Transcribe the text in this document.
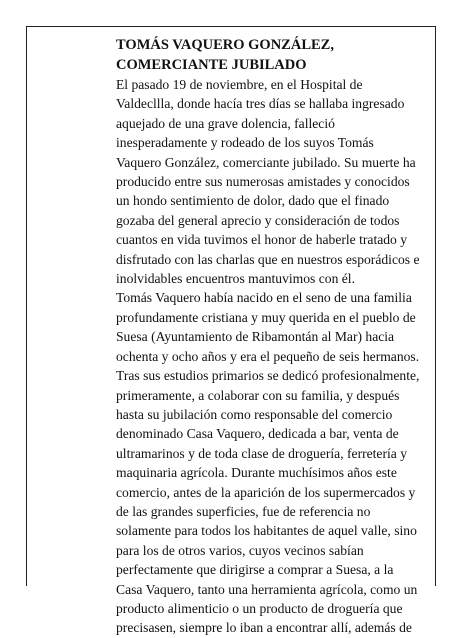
TOMÁS VAQUERO GONZÁLEZ,
COMERCIANTE JUBILADO

El pasado 19 de noviembre, en el Hospital de
Valdecllla, donde hacía tres días se hallaba ingresado
aquejado de una grave dolencia, falleció
inesperadamente y rodeado de los suyos Tomás
Vaquero González, comerciante jubilado. Su muerte ha
producido entre sus numerosas amistades y conocidos
un hondo sentimiento de dolor, dado que el finado
gozaba del general aprecio y consideración de todos
cuantos en vida tuvimos el honor de haberle tratado y
disfrutado con las charlas que en nuestros esporádicos e
inolvidables encuentros mantuvimos con él.

Tomás Vaquero había nacido en el seno de una familia
profundamente cristiana y muy querida en el pueblo de
Suesa (Ayuntamiento de Ribamontán al Mar) hacia
ochenta y ocho años y era el pequeño de seis hermanos.
Tras sus estudios primarios se dedicó profesionalmente,
primeramente, a colaborar con su familia, y después
hasta su jubilación como responsable del comercio
denominado Casa Vaquero, dedicada a bar, venta de
ultramarinos y de toda clase de droguería, ferretería y
maquinaria agrícola. Durante muchísimos años este
comercio, antes de la aparición de los supermercados y
de las grandes superficies, fue de referencia no
solamente para todos los habitantes de aquel valle, sino
para los de otros varios, cuyos vecinos sabían
perfectamente que dirigirse a comprar a Suesa, a la
Casa Vaquero, tanto una herramienta agrícola, como un
producto alimenticio o un producto de droguería que
precisasen, siempre lo iban a encontrar allí, además de
